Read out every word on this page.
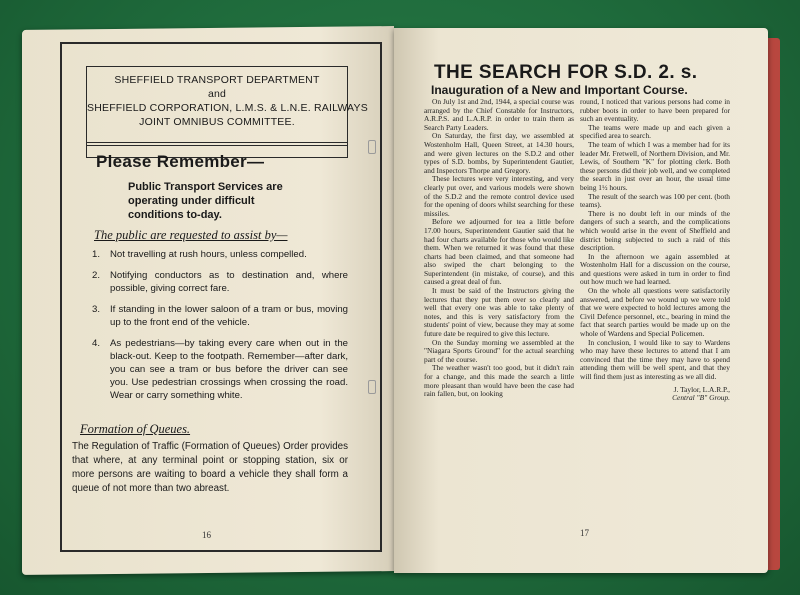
SHEFFIELD TRANSPORT DEPARTMENT
and
SHEFFIELD CORPORATION, L.M.S. & L.N.E. RAILWAYS
JOINT OMNIBUS COMMITTEE.
Please Remember—
Public Transport Services are
operating under difficult
conditions to-day.
The public are requested to assist by—
1. Not travelling at rush hours, unless compelled.
2. Notifying conductors as to destination and, where possible, giving correct fare.
3. If standing in the lower saloon of a tram or bus, moving up to the front end of the vehicle.
4. As pedestrians—by taking every care when out in the black-out. Keep to the footpath. Remember—after dark, you can see a tram or bus before the driver can see you. Use pedestrian crossings when crossing the road. Wear or carry something white.
Formation of Queues.
The Regulation of Traffic (Formation of Queues) Order provides that where, at any terminal point or stopping station, six or more persons are waiting to board a vehicle they shall form a queue of not more than two abreast.
16
THE SEARCH FOR S.D. 2. s.
Inauguration of a New and Important Course.

On July 1st and 2nd, 1944, a special course was arranged by the Chief Constable for Instructors, A.R.P.S. and L.A.R.P. in order to train them as Search Party Leaders.

On Saturday, the first day, we assembled at Wostenholm Hall, Queen Street, at 14.30 hours, and were given lectures on the S.D.2 and other types of S.D. bombs, by Superintendent Gautier, and Inspectors Thorpe and Gregory.

These lectures were very interesting, and very clearly put over, and various models were shown of the S.D.2 and the remote control device used for the opening of doors whilst searching for these missiles.

Before we adjourned for tea a little before 17.00 hours, Superintendent Gautier said that he had four charts available for those who would like them. When we returned it was found that these charts had been claimed, and that someone had also swiped the chart belonging to the Superintendent (in mistake, of course), and this caused a great deal of fun.

It must be said of the Instructors giving the lectures that they put them over so clearly and well that every one was able to take plenty of notes, and this is very satisfactory from the students' point of view, because they may at some future date be required to give this lecture.

On the Sunday morning we assembled at the "Niagara Sports Ground" for the actual searching part of the course.

The weather wasn't too good, but it didn't rain for a change, and this made the search a little more pleasant than would have been the case had rain fallen, but, on looking

round, I noticed that various persons had come in rubber boots in order to have been prepared for such an eventuality.

The teams were made up and each given a specified area to search.

The team of which I was a member had for its leader Mr. Fretwell, of Northern Division, and Mr. Lewis, of Southern "K" for plotting clerk. Both these persons did their job well, and we completed the search in just over an hour, the usual time being 1½ hours.

The result of the search was 100 per cent. (both teams).

There is no doubt left in our minds of the dangers of such a search, and the complications which would arise in the event of Sheffield and district being subjected to such a raid of this description.

In the afternoon we again assembled at Wostenholm Hall for a discussion on the course, and questions were asked in turn in order to find out how much we had learned.

On the whole all questions were satisfactorily answered, and before we wound up we were told that we were expected to hold lectures among the Civil Defence personnel, etc., bearing in mind the fact that search parties would be made up on the whole of Wardens and Special Policemen.

In conclusion, I would like to say to Wardens who may have these lectures to attend that I am convinced that the time they may have to spend attending them will be well spent, and that they will find them just as interesting as we all did.

J. Taylor, L.A.R.P.,

Central "B" Group.

17
